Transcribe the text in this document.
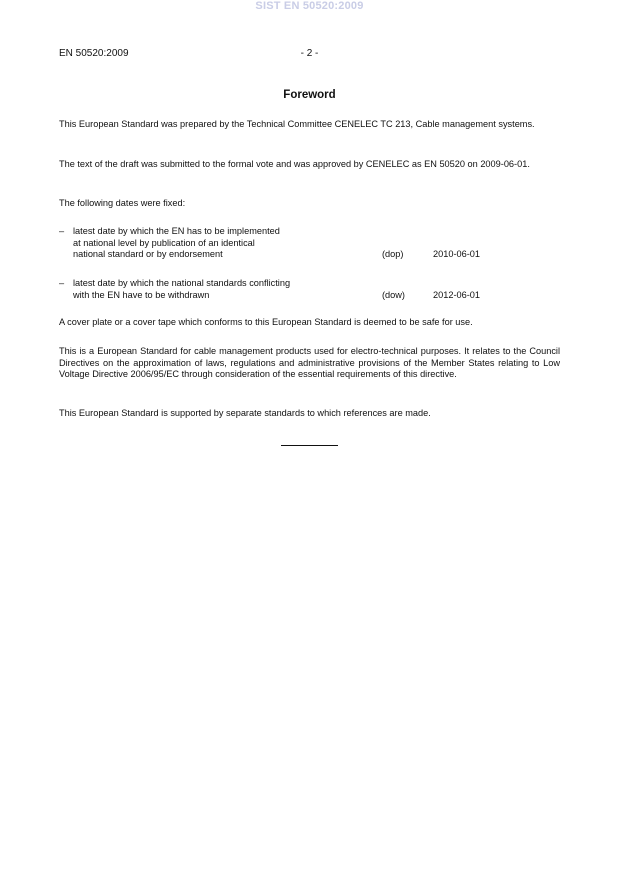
SIST EN 50520:2009
EN 50520:2009	- 2 -
Foreword

This European Standard was prepared by the Technical Committee CENELEC TC 213, Cable management systems.

The text of the draft was submitted to the formal vote and was approved by CENELEC as EN 50520 on 2009-06-01.

The following dates were fixed:

– latest date by which the EN has to be implemented
at national level by publication of an identical
national standard or by endorsement	(dop)	2010-06-01
– latest date by which the national standards conflicting
with the EN have to be withdrawn	(dow)	2012-06-01

A cover plate or a cover tape which conforms to this European Standard is deemed to be safe for use.

This is a European Standard for cable management products used for electro-technical purposes. It relates to the Council Directives on the approximation of laws, regulations and administrative provisions of the Member States relating to Low Voltage Directive 2006/95/EC through consideration of the essential requirements of this directive.

This European Standard is supported by separate standards to which references are made.
